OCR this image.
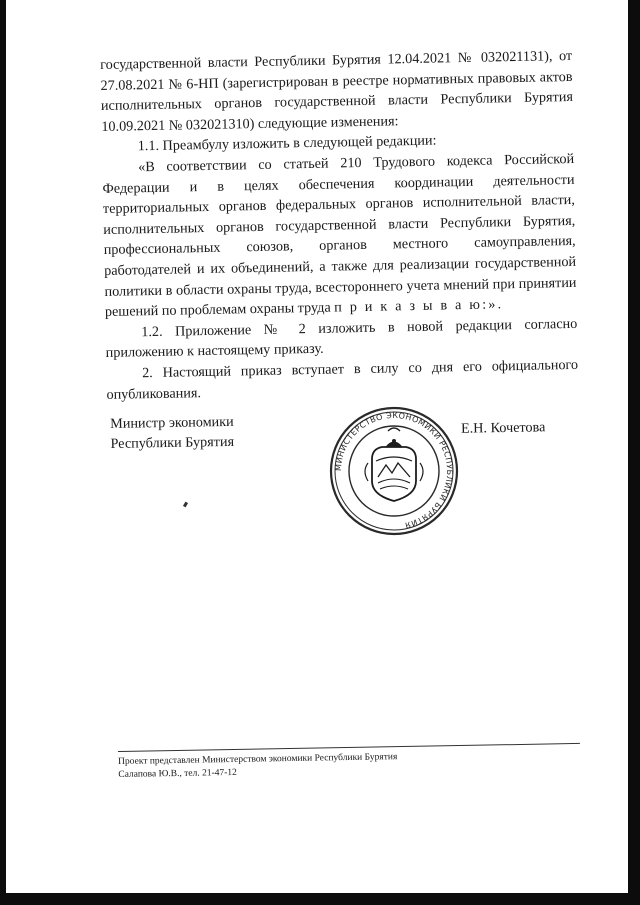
государственной власти Республики Бурятия 12.04.2021 № 032021131), от 27.08.2021 № 6-НП (зарегистрирован в реестре нормативных правовых актов исполнительных органов государственной власти Республики Бурятия 10.09.2021 № 032021310) следующие изменения:

1.1. Преамбулу изложить в следующей редакции:

«В соответствии со статьей 210 Трудового кодекса Российской Федерации и в целях обеспечения координации деятельности территориальных органов федеральных органов исполнительной власти, исполнительных органов государственной власти Республики Бурятия, профессиональных союзов, органов местного самоуправления, работодателей и их объединений, а также для реализации государственной политики в области охраны труда, всестороннего учета мнений при принятии решений по проблемам охраны труда п р и к а з ы в а ю:».

1.2. Приложение № 2 изложить в новой редакции согласно приложению к настоящему приказу.

2. Настоящий приказ вступает в силу со дня его официального опубликования.

Министр экономики
Республики Бурятия
МИНИСТЕРСТВО ЭКОНОМИКИ РЕСПУБЛИКИ БУРЯТИЯ
Е.Н. Кочетова

Проект представлен Министерством экономики Республики Бурятия

Салапова Ю.В., тел. 21-47-12
